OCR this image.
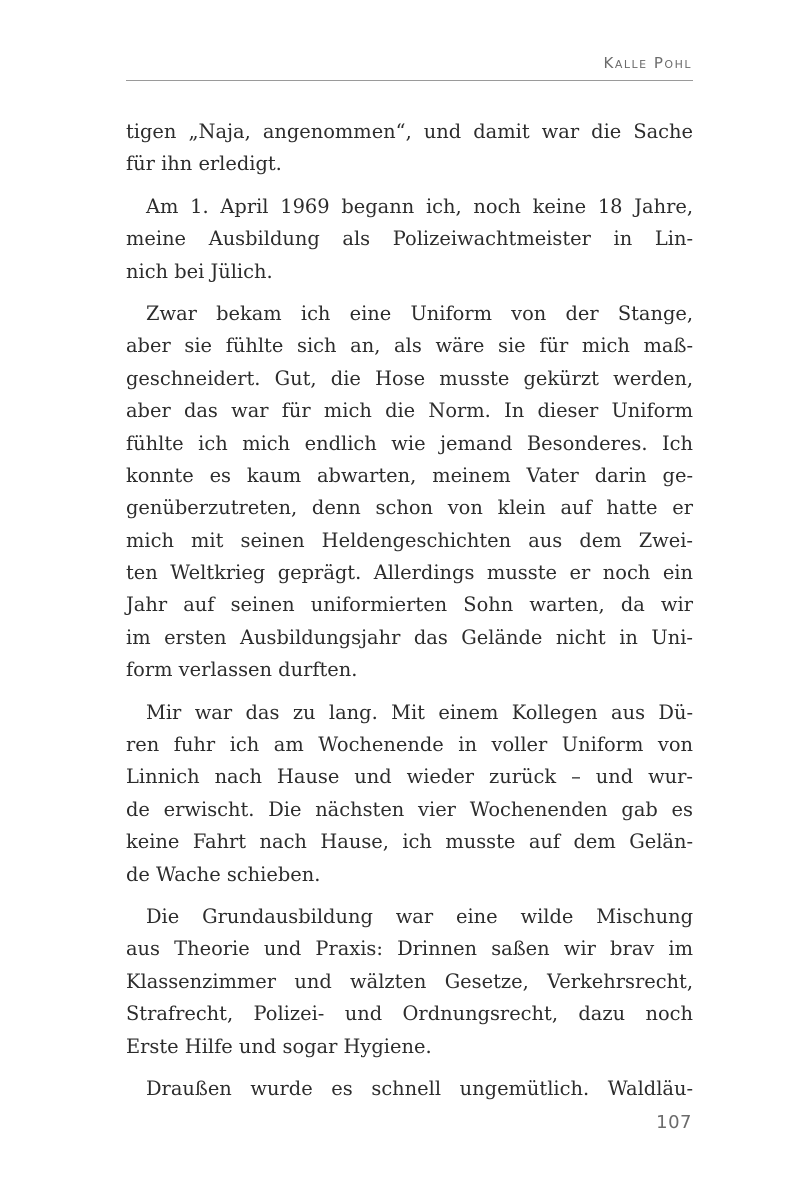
Kalle Pohl
tigen „Naja, angenommen“, und damit war die Sache
für ihn erledigt.
Am 1. April 1969 begann ich, noch keine 18 Jahre,
meine Ausbildung als Polizeiwachtmeister in Lin-
nich bei Jülich.
Zwar bekam ich eine Uniform von der Stange,
aber sie fühlte sich an, als wäre sie für mich maß-
geschneidert. Gut, die Hose musste gekürzt werden,
aber das war für mich die Norm. In dieser Uniform
fühlte ich mich endlich wie jemand Besonderes. Ich
konnte es kaum abwarten, meinem Vater darin ge-
genüberzutreten, denn schon von klein auf hatte er
mich mit seinen Heldengeschichten aus dem Zwei-
ten Weltkrieg geprägt. Allerdings musste er noch ein
Jahr auf seinen uniformierten Sohn warten, da wir
im ersten Ausbildungsjahr das Gelände nicht in Uni-
form verlassen durften.
Mir war das zu lang. Mit einem Kollegen aus Dü-
ren fuhr ich am Wochenende in voller Uniform von
Linnich nach Hause und wieder zurück – und wur-
de erwischt. Die nächsten vier Wochenenden gab es
keine Fahrt nach Hause, ich musste auf dem Gelän-
de Wache schieben.
Die Grundausbildung war eine wilde Mischung
aus Theorie und Praxis: Drinnen saßen wir brav im
Klassenzimmer und wälzten Gesetze, Verkehrsrecht,
Strafrecht, Polizei- und Ordnungsrecht, dazu noch
Erste Hilfe und sogar Hygiene.
Draußen wurde es schnell ungemütlich. Waldläu-
107
